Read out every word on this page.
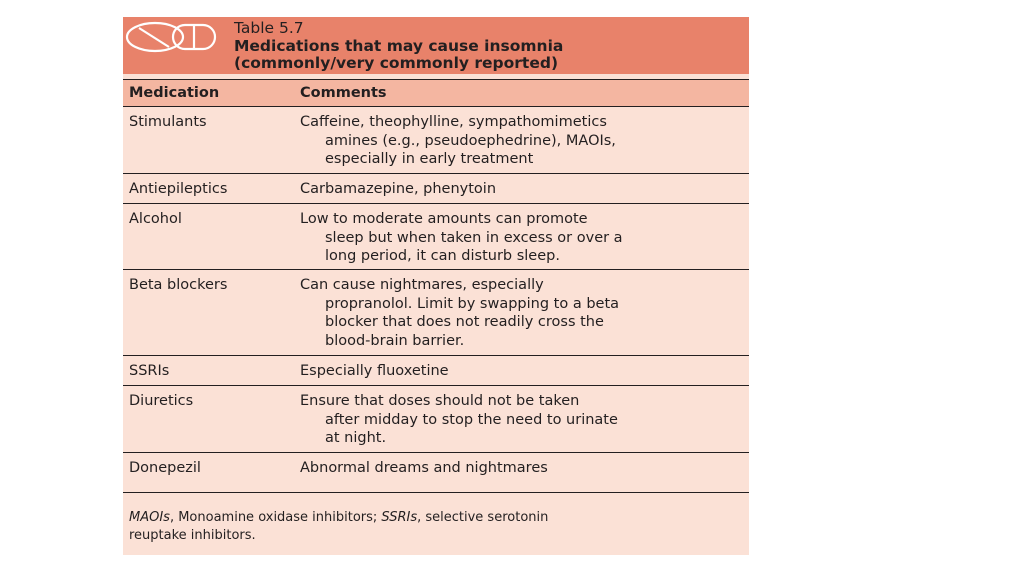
Table 5.7
Medications that may cause insomnia
(commonly/very commonly reported)
Medication	Comments
Stimulants	Caffeine, theophylline, sympathomimetics
amines (e.g., pseudoephedrine), MAOIs,
especially in early treatment
Antiepileptics	Carbamazepine, phenytoin
Alcohol	Low to moderate amounts can promote
sleep but when taken in excess or over a
long period, it can disturb sleep.
Beta blockers	Can cause nightmares, especially
propranolol. Limit by swapping to a beta
blocker that does not readily cross the
blood-brain barrier.
SSRIs	Especially fluoxetine
Diuretics	Ensure that doses should not be taken
after midday to stop the need to urinate
at night.
Donepezil	Abnormal dreams and nightmares
MAOIs, Monoamine oxidase inhibitors; SSRIs, selective serotonin
reuptake inhibitors.
